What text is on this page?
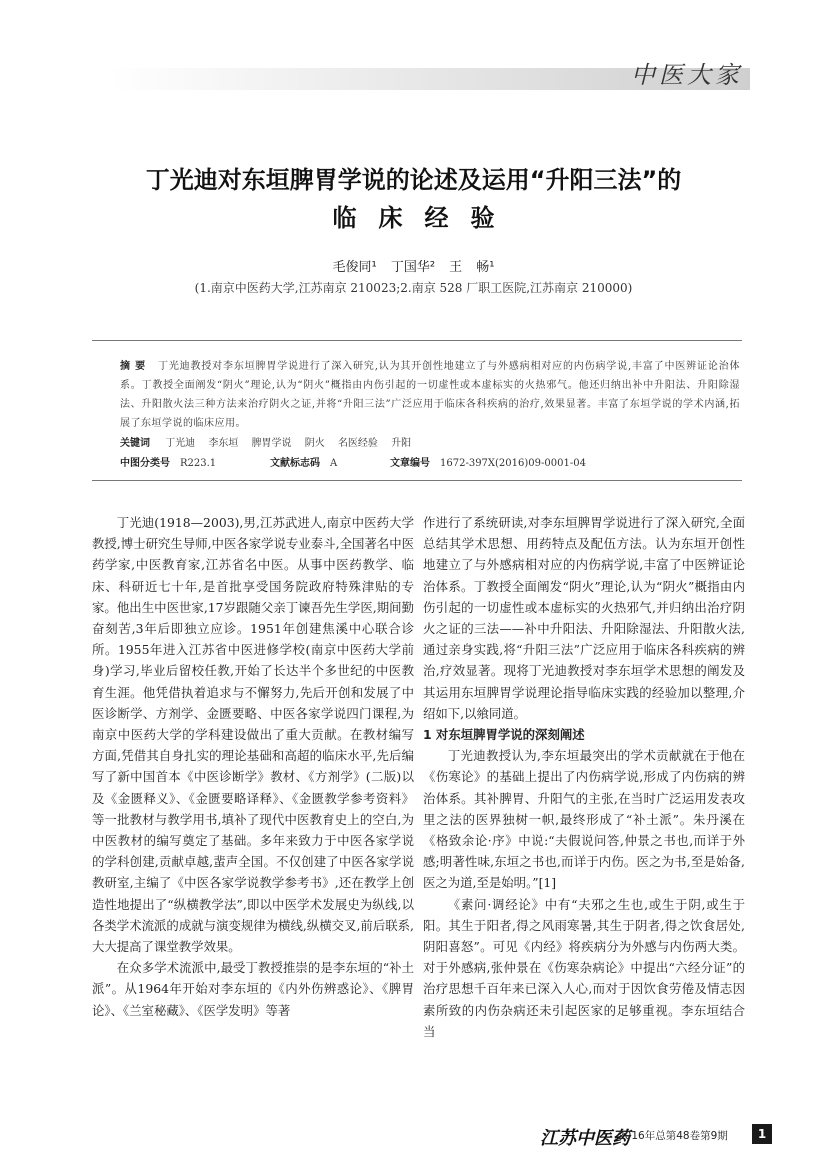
中医大家
丁光迪对东垣脾胃学说的论述及运用“升阳三法”的
临床经验
毛俊同¹ 丁国华² 王 畅¹
(1.南京中医药大学,江苏南京 210023;2.南京 528 厂职工医院,江苏南京 210000)
摘 要 丁光迪教授对李东垣脾胃学说进行了深入研究,认为其开创性地建立了与外感病相对应的内伤病学说,丰富了中医辨证论治体系。丁教授全面阐发“阴火”理论,认为“阴火”概指由内伤引起的一切虚性或本虚标实的火热邪气。他还归纳出补中升阳法、升阳除湿法、升阳散火法三种方法来治疗阴火之证,并将“升阳三法”广泛应用于临床各科疾病的治疗,效果显著。丰富了东垣学说的学术内涵,拓展了东垣学说的临床应用。
关键词 丁光迪 李东垣 脾胃学说 阴火 名医经验 升阳
中图分类号 R223.1	文献标志码 A	文章编号 1672-397X(2016)09-0001-04

丁光迪(1918—2003),男,江苏武进人,南京中医药大学教授,博士研究生导师,中医各家学说专业泰斗,全国著名中医药学家,中医教育家,江苏省名中医。从事中医药教学、临床、科研近七十年,是首批享受国务院政府特殊津贴的专家。他出生中医世家,17岁跟随父亲丁谏吾先生学医,期间勤奋刻苦,3年后即独立应诊。1951年创建焦溪中心联合诊所。1955年进入江苏省中医进修学校(南京中医药大学前身)学习,毕业后留校任教,开始了长达半个多世纪的中医教育生涯。他凭借执着追求与不懈努力,先后开创和发展了中医诊断学、方剂学、金匮要略、中医各家学说四门课程,为南京中医药大学的学科建设做出了重大贡献。在教材编写方面,凭借其自身扎实的理论基础和高超的临床水平,先后编写了新中国首本《中医诊断学》教材、《方剂学》(二版)以及《金匮释义》、《金匮要略译释》、《金匮教学参考资料》等一批教材与教学用书,填补了现代中医教育史上的空白,为中医教材的编写奠定了基础。多年来致力于中医各家学说的学科创建,贡献卓越,蜚声全国。不仅创建了中医各家学说教研室,主编了《中医各家学说教学参考书》,还在教学上创造性地提出了“纵横教学法”,即以中医学术发展史为纵线,以各类学术流派的成就与演变规律为横线,纵横交叉,前后联系,大大提高了课堂教学效果。

在众多学术流派中,最受丁教授推崇的是李东垣的“补土派”。从1964年开始对李东垣的《内外伤辨惑论》、《脾胃论》、《兰室秘藏》、《医学发明》等著

作进行了系统研读,对李东垣脾胃学说进行了深入研究,全面总结其学术思想、用药特点及配伍方法。认为东垣开创性地建立了与外感病相对应的内伤病学说,丰富了中医辨证论治体系。丁教授全面阐发“阴火”理论,认为“阴火”概指由内伤引起的一切虚性或本虚标实的火热邪气,并归纳出治疗阴火之证的三法——补中升阳法、升阳除湿法、升阳散火法,通过亲身实践,将“升阳三法”广泛应用于临床各科疾病的辨治,疗效显著。现将丁光迪教授对李东垣学术思想的阐发及其运用东垣脾胃学说理论指导临床实践的经验加以整理,介绍如下,以飨同道。

1 对东垣脾胃学说的深刻阐述

丁光迪教授认为,李东垣最突出的学术贡献就在于他在《伤寒论》的基础上提出了内伤病学说,形成了内伤病的辨治体系。其补脾胃、升阳气的主张,在当时广泛运用发表攻里之法的医界独树一帜,最终形成了“补土派”。朱丹溪在《格致余论·序》中说:“夫假说问答,仲景之书也,而详于外感;明著性味,东垣之书也,而详于内伤。医之为书,至是始备,医之为道,至是始明。”[1]

《素问·调经论》中有“夫邪之生也,或生于阴,或生于阳。其生于阳者,得之风雨寒暑,其生于阴者,得之饮食居处,阴阳喜怒”。可见《内经》将疾病分为外感与内伤两大类。对于外感病,张仲景在《伤寒杂病论》中提出“六经分证”的治疗思想千百年来已深入人心,而对于因饮食劳倦及情志因素所致的内伤杂病还未引起医家的足够重视。李东垣结合当

江苏中医药
2016年总第48卷第9期	1
